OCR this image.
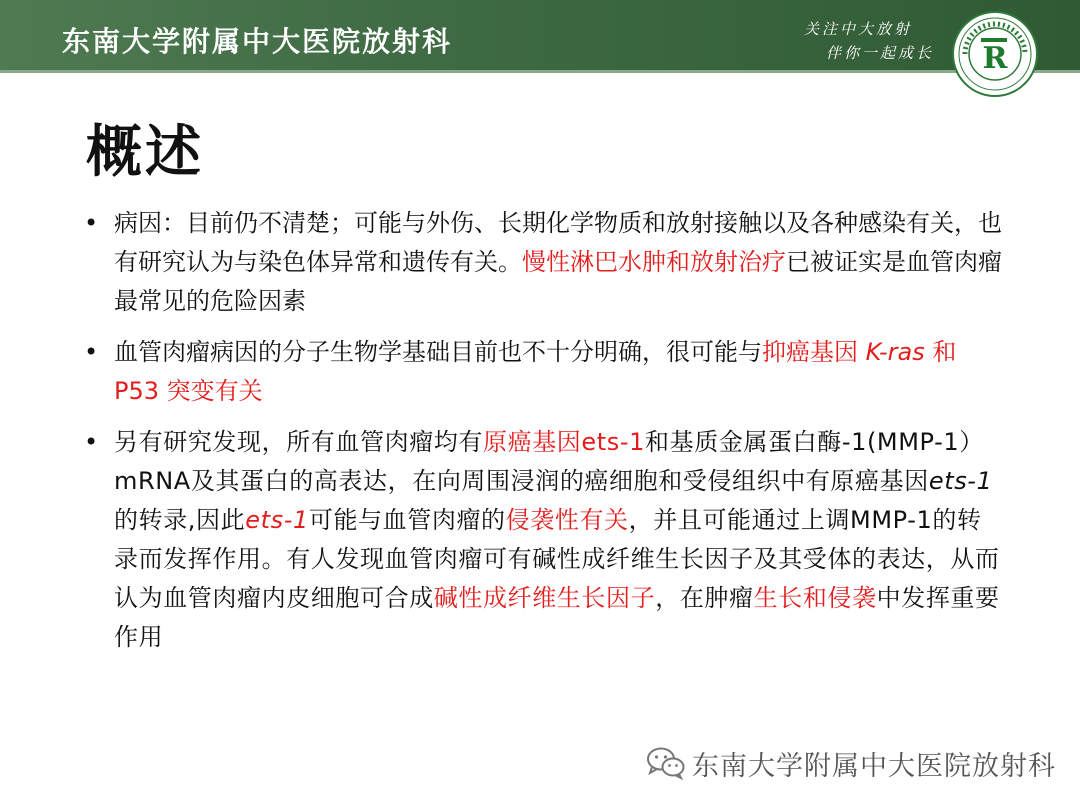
东南大学附属中大医院放射科	关注中大放射
伴你一起成长 R
概述
• 病因：目前仍不清楚；可能与外伤、长期化学物质和放射接触以及各种感染有关，也有研究认为与染色体异常和遗传有关。慢性淋巴水肿和放射治疗已被证实是血管肉瘤最常见的危险因素
• 血管肉瘤病因的分子生物学基础目前也不十分明确，很可能与抑癌基因 K-ras 和 P53 突变有关
• 另有研究发现，所有血管肉瘤均有原癌基因ets-1和基质金属蛋白酶-1(MMP-1）mRNA及其蛋白的高表达，在向周围浸润的癌细胞和受侵组织中有原癌基因ets-1的转录,因此ets-1可能与血管肉瘤的侵袭性有关，并且可能通过上调MMP-1的转录而发挥作用。有人发现血管肉瘤可有碱性成纤维生长因子及其受体的表达，从而认为血管肉瘤内皮细胞可合成碱性成纤维生长因子，在肿瘤生长和侵袭中发挥重要作用
东南大学附属中大医院放射科
